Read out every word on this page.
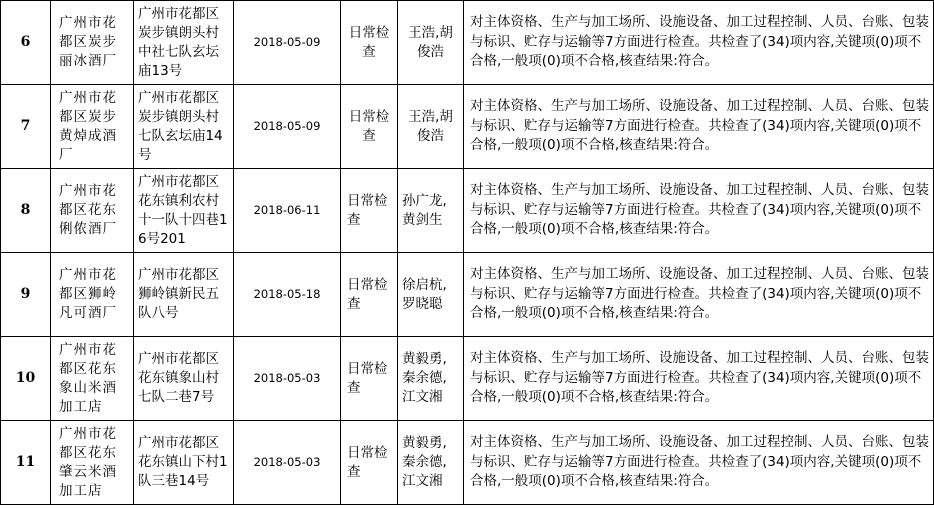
6	广州市花都区炭步丽冰酒厂	广州市花都区炭步镇朗头村中社七队玄坛庙13号	2018-05-09	日常检查	王浩,胡俊浩	对主体资格、生产与加工场所、设施设备、加工过程控制、人员、台账、包装与标识、贮存与运输等7方面进行检查。共检查了(34)项内容,关键项(0)项不合格,一般项(0)项不合格,核查结果:符合。
7	广州市花都区炭步黄焯成酒厂	广州市花都区炭步镇朗头村七队玄坛庙14号	2018-05-09	日常检查	王浩,胡俊浩	对主体资格、生产与加工场所、设施设备、加工过程控制、人员、台账、包装与标识、贮存与运输等7方面进行检查。共检查了(34)项内容,关键项(0)项不合格,一般项(0)项不合格,核查结果:符合。
8	广州市花都区花东俐侬酒厂	广州市花都区花东镇利农村十一队十四巷16号201	2018-06-11	日常检查	孙广龙,黄剑生	对主体资格、生产与加工场所、设施设备、加工过程控制、人员、台账、包装与标识、贮存与运输等7方面进行检查。共检查了(34)项内容,关键项(0)项不合格,一般项(0)项不合格,核查结果:符合。
9	广州市花都区狮岭凡可酒厂	广州市花都区狮岭镇新民五队八号	2018-05-18	日常检查	徐启杭,罗晓聪	对主体资格、生产与加工场所、设施设备、加工过程控制、人员、台账、包装与标识、贮存与运输等7方面进行检查。共检查了(34)项内容,关键项(0)项不合格,一般项(0)项不合格,核查结果:符合。
10	广州市花都区花东象山米酒加工店	广州市花都区花东镇象山村七队二巷7号	2018-05-03	日常检查	黄毅勇,秦余德,江文湘	对主体资格、生产与加工场所、设施设备、加工过程控制、人员、台账、包装与标识、贮存与运输等7方面进行检查。共检查了(34)项内容,关键项(0)项不合格,一般项(0)项不合格,核查结果:符合。
11	广州市花都区花东肇云米酒加工店	广州市花都区花东镇山下村1队三巷14号	2018-05-03	日常检查	黄毅勇,秦余德,江文湘	对主体资格、生产与加工场所、设施设备、加工过程控制、人员、台账、包装与标识、贮存与运输等7方面进行检查。共检查了(34)项内容,关键项(0)项不合格,一般项(0)项不合格,核查结果:符合。
